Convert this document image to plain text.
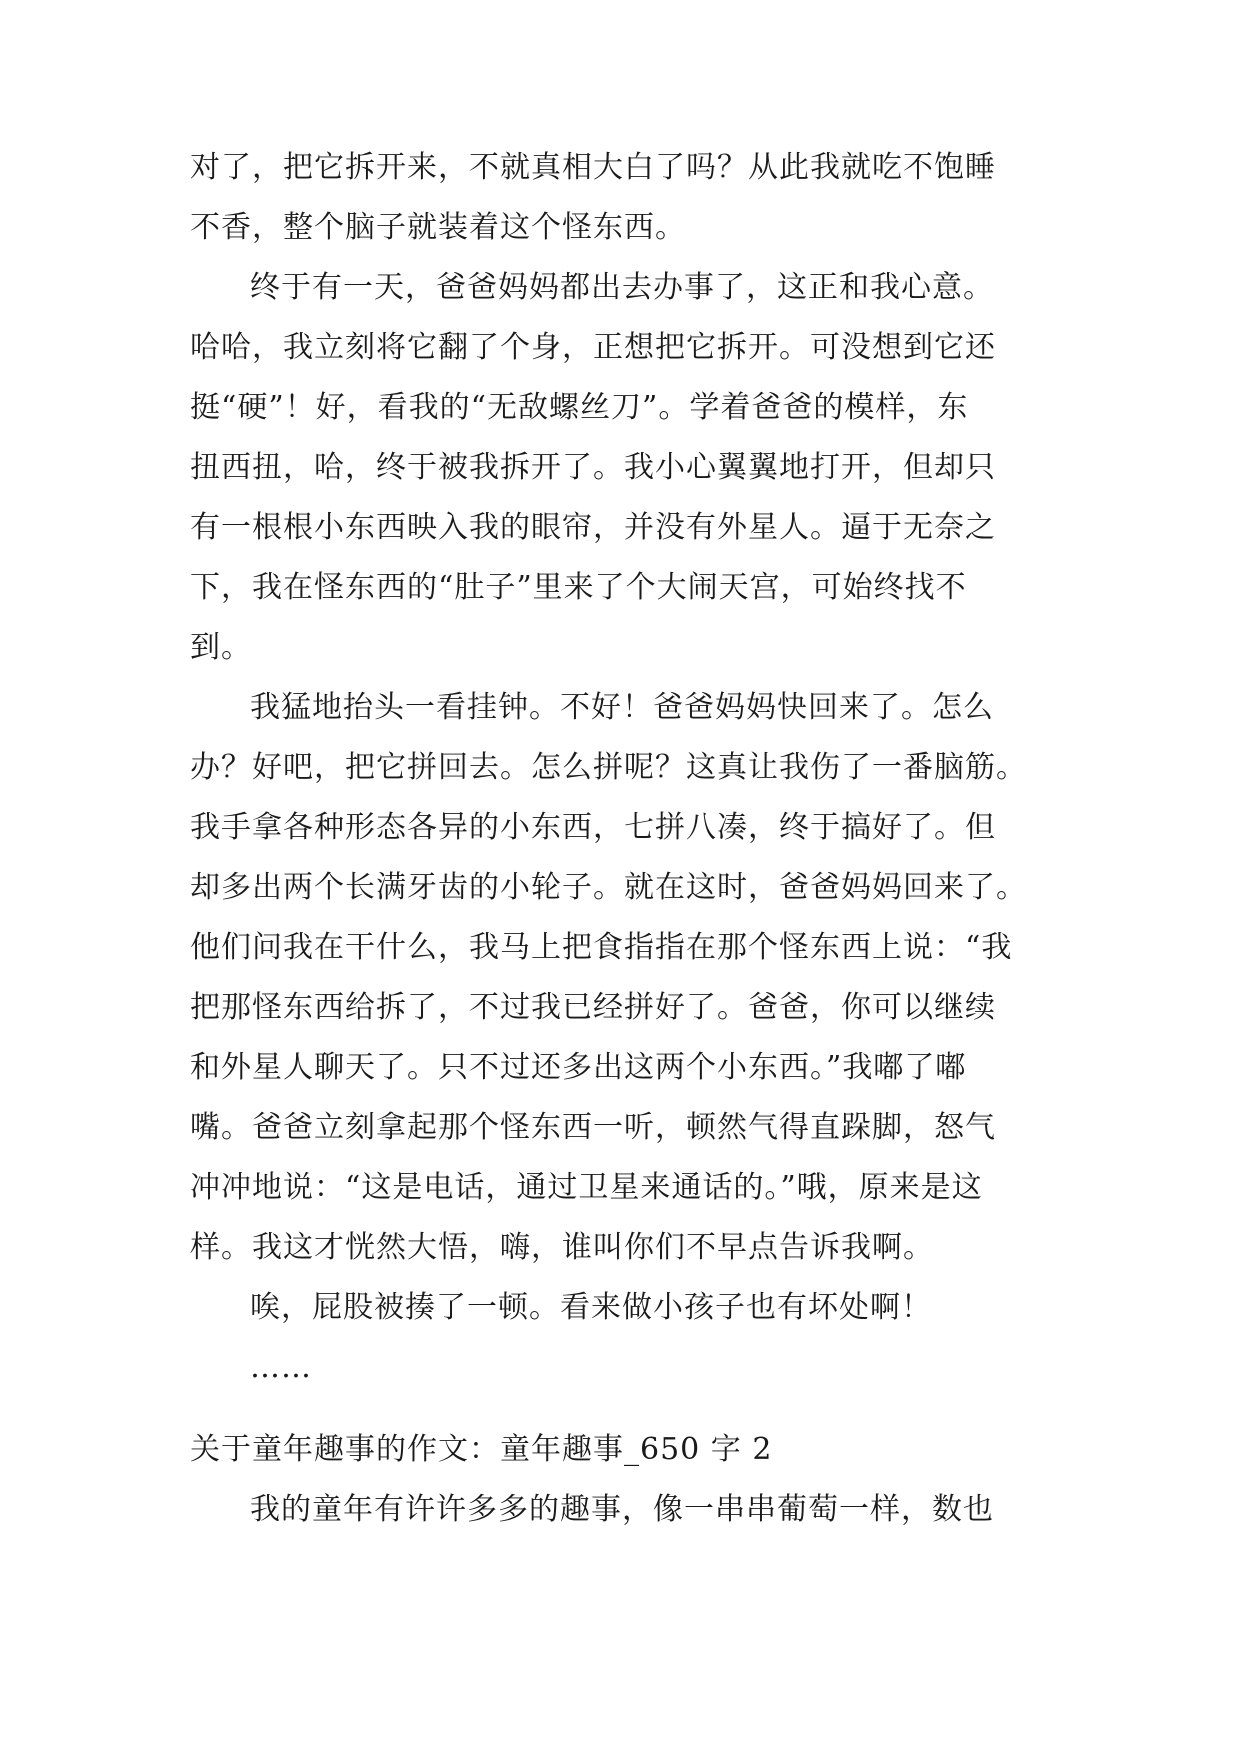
对了，把它拆开来，不就真相大白了吗？从此我就吃不饱睡

不香，整个脑子就装着这个怪东西。

终于有一天，爸爸妈妈都出去办事了，这正和我心意。

哈哈，我立刻将它翻了个身，正想把它拆开。可没想到它还

挺“硬”！好，看我的“无敌螺丝刀”。学着爸爸的模样，东

扭西扭，哈，终于被我拆开了。我小心翼翼地打开，但却只

有一根根小东西映入我的眼帘，并没有外星人。逼于无奈之

下，我在怪东西的“肚子”里来了个大闹天宫，可始终找不

到。

我猛地抬头一看挂钟。不好！爸爸妈妈快回来了。怎么

办？好吧，把它拼回去。怎么拼呢？这真让我伤了一番脑筋。

我手拿各种形态各异的小东西，七拼八凑，终于搞好了。但

却多出两个长满牙齿的小轮子。就在这时，爸爸妈妈回来了。

他们问我在干什么，我马上把食指指在那个怪东西上说：“我

把那怪东西给拆了，不过我已经拼好了。爸爸，你可以继续

和外星人聊天了。只不过还多出这两个小东西。”我嘟了嘟

嘴。爸爸立刻拿起那个怪东西一听，顿然气得直跺脚，怒气

冲冲地说：“这是电话，通过卫星来通话的。”哦，原来是这

样。我这才恍然大悟，嗨，谁叫你们不早点告诉我啊。

唉，屁股被揍了一顿。看来做小孩子也有坏处啊！

……

关于童年趣事的作文：童年趣事_650 字 2

我的童年有许许多多的趣事，像一串串葡萄一样，数也
